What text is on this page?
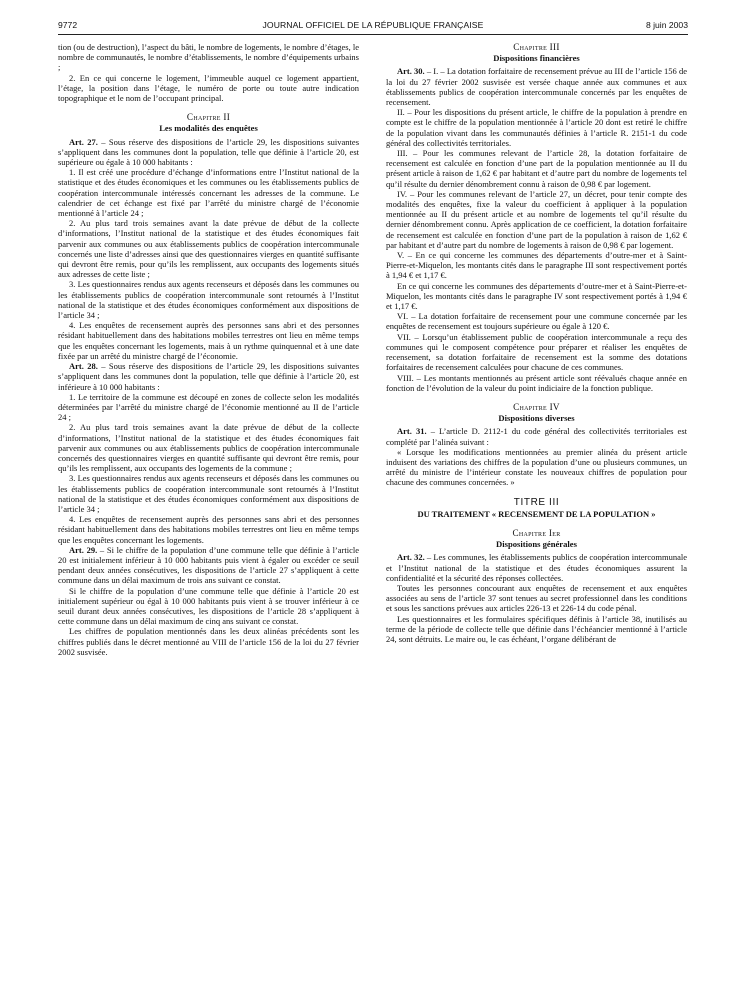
9772	JOURNAL OFFICIEL DE LA RÉPUBLIQUE FRANÇAISE	8 juin 2003

tion (ou de destruction), l’aspect du bâti, le nombre de logements, le nombre d’étages, le nombre de communautés, le nombre d’établissements, le nombre d’équipements urbains ;

2. En ce qui concerne le logement, l’immeuble auquel ce logement appartient, l’étage, la position dans l’étage, le numéro de porte ou toute autre indication topographique et le nom de l’occupant principal.

Chapitre II
Les modalités des enquêtes

Art. 27. – Sous réserve des dispositions de l’article 29, les dispositions suivantes s’appliquent dans les communes dont la population, telle que définie à l’article 20, est supérieure ou égale à 10 000 habitants :

1. Il est créé une procédure d’échange d’informations entre l’Institut national de la statistique et des études économiques et les communes ou les établissements publics de coopération intercommunale intéressés concernant les adresses de la commune. Le calendrier de cet échange est fixé par l’arrêté du ministre chargé de l’économie mentionné à l’article 24 ;

2. Au plus tard trois semaines avant la date prévue de début de la collecte d’informations, l’Institut national de la statistique et des études économiques fait parvenir aux communes ou aux établissements publics de coopération intercommunale concernés une liste d’adresses ainsi que des questionnaires vierges en quantité suffisante qui devront être remis, pour qu’ils les remplissent, aux occupants des logements situés aux adresses de cette liste ;

3. Les questionnaires rendus aux agents recenseurs et déposés dans les communes ou les établissements publics de coopération intercommunale sont retournés à l’Institut national de la statistique et des études économiques conformément aux dispositions de l’article 34 ;

4. Les enquêtes de recensement auprès des personnes sans abri et des personnes résidant habituellement dans des habitations mobiles terrestres ont lieu en même temps que les enquêtes concernant les logements, mais à un rythme quinquennal et à une date fixée par un arrêté du ministre chargé de l’économie.

Art. 28. – Sous réserve des dispositions de l’article 29, les dispositions suivantes s’appliquent dans les communes dont la population, telle que définie à l’article 20, est inférieure à 10 000 habitants :

1. Le territoire de la commune est découpé en zones de collecte selon les modalités déterminées par l’arrêté du ministre chargé de l’économie mentionné au II de l’article 24 ;

2. Au plus tard trois semaines avant la date prévue de début de la collecte d’informations, l’Institut national de la statistique et des études économiques fait parvenir aux communes ou aux établissements publics de coopération intercommunale concernés des questionnaires vierges en quantité suffisante qui devront être remis, pour qu’ils les remplissent, aux occupants des logements de la commune ;

3. Les questionnaires rendus aux agents recenseurs et déposés dans les communes ou les établissements publics de coopération intercommunale sont retournés à l’Institut national de la statistique et des études économiques conformément aux dispositions de l’article 34 ;

4. Les enquêtes de recensement auprès des personnes sans abri et des personnes résidant habituellement dans des habitations mobiles terrestres ont lieu en même temps que les enquêtes concernant les logements.

Art. 29. – Si le chiffre de la population d’une commune telle que définie à l’article 20 est initialement inférieur à 10 000 habitants puis vient à égaler ou excéder ce seuil pendant deux années consécutives, les dispositions de l’article 27 s’appliquent à cette commune dans un délai maximum de trois ans suivant ce constat.

Si le chiffre de la population d’une commune telle que définie à l’article 20 est initialement supérieur ou égal à 10 000 habitants puis vient à se trouver inférieur à ce seuil durant deux années consécutives, les dispositions de l’article 28 s’appliquent à cette commune dans un délai maximum de cinq ans suivant ce constat.

Les chiffres de population mentionnés dans les deux alinéas précédents sont les chiffres publiés dans le décret mentionné au VIII de l’article 156 de la loi du 27 février 2002 susvisée.

Chapitre III
Dispositions financières

Art. 30. – I. – La dotation forfaitaire de recensement prévue au III de l’article 156 de la loi du 27 février 2002 susvisée est versée chaque année aux communes et aux établissements publics de coopération intercommunale concernés par les enquêtes de recensement.

II. – Pour les dispositions du présent article, le chiffre de la population à prendre en compte est le chiffre de la population mentionnée à l’article 20 dont est retiré le chiffre de la population vivant dans les communautés définies à l’article R. 2151-1 du code général des collectivités territoriales.

III. – Pour les communes relevant de l’article 28, la dotation forfaitaire de recensement est calculée en fonction d’une part de la population mentionnée au II du présent article à raison de 1,62 € par habitant et d’autre part du nombre de logements tel qu’il résulte du dernier dénombrement connu à raison de 0,98 € par logement.

IV. – Pour les communes relevant de l’article 27, un décret, pour tenir compte des modalités des enquêtes, fixe la valeur du coefficient à appliquer à la population mentionnée au II du présent article et au nombre de logements tel qu’il résulte du dernier dénombrement connu. Après application de ce coefficient, la dotation forfaitaire de recensement est calculée en fonction d’une part de la population à raison de 1,62 € par habitant et d’autre part du nombre de logements à raison de 0,98 € par logement.

V. – En ce qui concerne les communes des départements d’outre-mer et à Saint-Pierre-et-Miquelon, les montants cités dans le paragraphe III sont respectivement portés à 1,94 € et 1,17 €.

En ce qui concerne les communes des départements d’outre-mer et à Saint-Pierre-et-Miquelon, les montants cités dans le paragraphe IV sont respectivement portés à 1,94 € et 1,17 €.

VI. – La dotation forfaitaire de recensement pour une commune concernée par les enquêtes de recensement est toujours supérieure ou égale à 120 €.

VII. – Lorsqu’un établissement public de coopération intercommunale a reçu des communes qui le composent compétence pour préparer et réaliser les enquêtes de recensement, sa dotation forfaitaire de recensement est la somme des dotations forfaitaires de recensement calculées pour chacune de ces communes.

VIII. – Les montants mentionnés au présent article sont réévalués chaque année en fonction de l’évolution de la valeur du point indiciaire de la fonction publique.

Chapitre IV
Dispositions diverses

Art. 31. – L’article D. 2112-1 du code général des collectivités territoriales est complété par l’alinéa suivant :

« Lorsque les modifications mentionnées au premier alinéa du présent article induisent des variations des chiffres de la population d’une ou plusieurs communes, un arrêté du ministre de l’intérieur constate les nouveaux chiffres de population pour chacune des communes concernées. »

TITRE III
DU TRAITEMENT « RECENSEMENT DE LA POPULATION »
Chapitre Ier
Dispositions générales

Art. 32. – Les communes, les établissements publics de coopération intercommunale et l’Institut national de la statistique et des études économiques assurent la confidentialité et la sécurité des réponses collectées.

Toutes les personnes concourant aux enquêtes de recensement et aux enquêtes associées au sens de l’article 37 sont tenues au secret professionnel dans les conditions et sous les sanctions prévues aux articles 226-13 et 226-14 du code pénal.

Les questionnaires et les formulaires spécifiques définis à l’article 38, inutilisés au terme de la période de collecte telle que définie dans l’échéancier mentionné à l’article 24, sont détruits. Le maire ou, le cas échéant, l’organe délibérant de
